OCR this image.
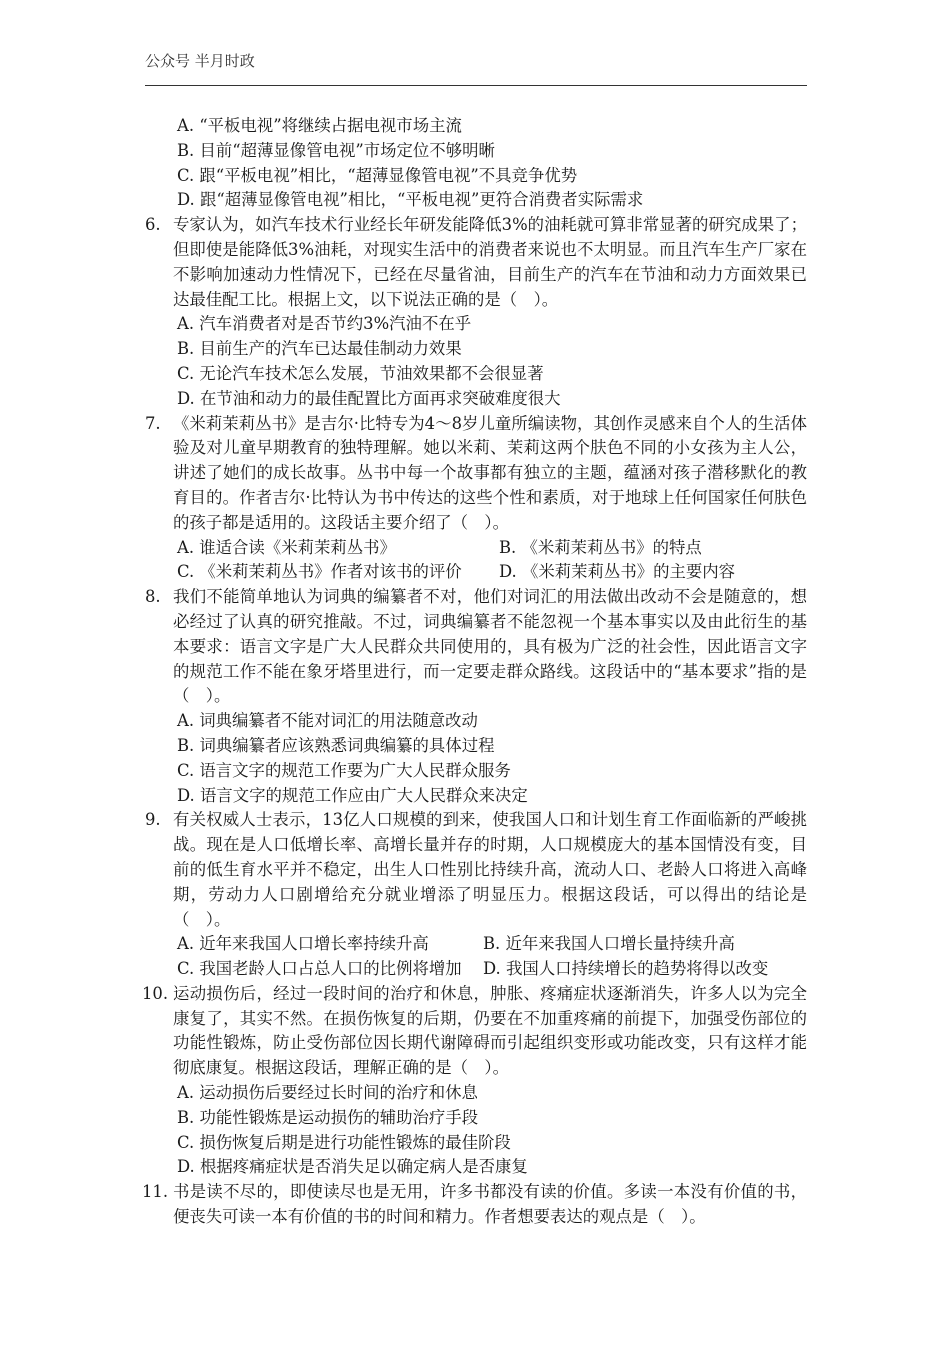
公众号 半月时政
A. “平板电视”将继续占据电视市场主流
B. 目前“超薄显像管电视”市场定位不够明晰
C. 跟“平板电视”相比，“超薄显像管电视”不具竞争优势
D. 跟“超薄显像管电视”相比，“平板电视”更符合消费者实际需求
6. 专家认为，如汽车技术行业经长年研发能降低3%的油耗就可算非常显著的研究成果了；但即使是能降低3%油耗，对现实生活中的消费者来说也不太明显。而且汽车生产厂家在不影响加速动力性情况下，已经在尽量省油，目前生产的汽车在节油和动力方面效果已达最佳配工比。根据上文，以下说法正确的是（　）。
A. 汽车消费者对是否节约3%汽油不在乎
B. 目前生产的汽车已达最佳制动力效果
C. 无论汽车技术怎么发展，节油效果都不会很显著
D. 在节油和动力的最佳配置比方面再求突破难度很大
7. 《米莉茉莉丛书》是吉尔·比特专为4～8岁儿童所编读物，其创作灵感来自个人的生活体验及对儿童早期教育的独特理解。她以米莉、茉莉这两个肤色不同的小女孩为主人公，讲述了她们的成长故事。丛书中每一个故事都有独立的主题，蕴涵对孩子潜移默化的教育目的。作者吉尔·比特认为书中传达的这些个性和素质，对于地球上任何国家任何肤色的孩子都是适用的。这段话主要介绍了（　）。
A. 谁适合读《米莉茉莉丛书》	B. 《米莉茉莉丛书》的特点
C. 《米莉茉莉丛书》作者对该书的评价	D. 《米莉茉莉丛书》的主要内容
8. 我们不能简单地认为词典的编纂者不对，他们对词汇的用法做出改动不会是随意的，想必经过了认真的研究推敲。不过，词典编纂者不能忽视一个基本事实以及由此衍生的基本要求：语言文字是广大人民群众共同使用的，具有极为广泛的社会性，因此语言文字的规范工作不能在象牙塔里进行，而一定要走群众路线。这段话中的“基本要求”指的是（　）。
A. 词典编纂者不能对词汇的用法随意改动
B. 词典编纂者应该熟悉词典编纂的具体过程
C. 语言文字的规范工作要为广大人民群众服务
D. 语言文字的规范工作应由广大人民群众来决定
9. 有关权威人士表示，13亿人口规模的到来，使我国人口和计划生育工作面临新的严峻挑战。现在是人口低增长率、高增长量并存的时期，人口规模庞大的基本国情没有变，目前的低生育水平并不稳定，出生人口性别比持续升高，流动人口、老龄人口将进入高峰期，劳动力人口剧增给充分就业增添了明显压力。根据这段话，可以得出的结论是（　）。
A. 近年来我国人口增长率持续升高	B. 近年来我国人口增长量持续升高
C. 我国老龄人口占总人口的比例将增加	D. 我国人口持续增长的趋势将得以改变
10. 运动损伤后，经过一段时间的治疗和休息，肿胀、疼痛症状逐渐消失，许多人以为完全康复了，其实不然。在损伤恢复的后期，仍要在不加重疼痛的前提下，加强受伤部位的功能性锻炼，防止受伤部位因长期代谢障碍而引起组织变形或功能改变，只有这样才能彻底康复。根据这段话，理解正确的是（　）。
A. 运动损伤后要经过长时间的治疗和休息
B. 功能性锻炼是运动损伤的辅助治疗手段
C. 损伤恢复后期是进行功能性锻炼的最佳阶段
D. 根据疼痛症状是否消失足以确定病人是否康复
11. 书是读不尽的，即使读尽也是无用，许多书都没有读的价值。多读一本没有价值的书，便丧失可读一本有价值的书的时间和精力。作者想要表达的观点是（　）。
